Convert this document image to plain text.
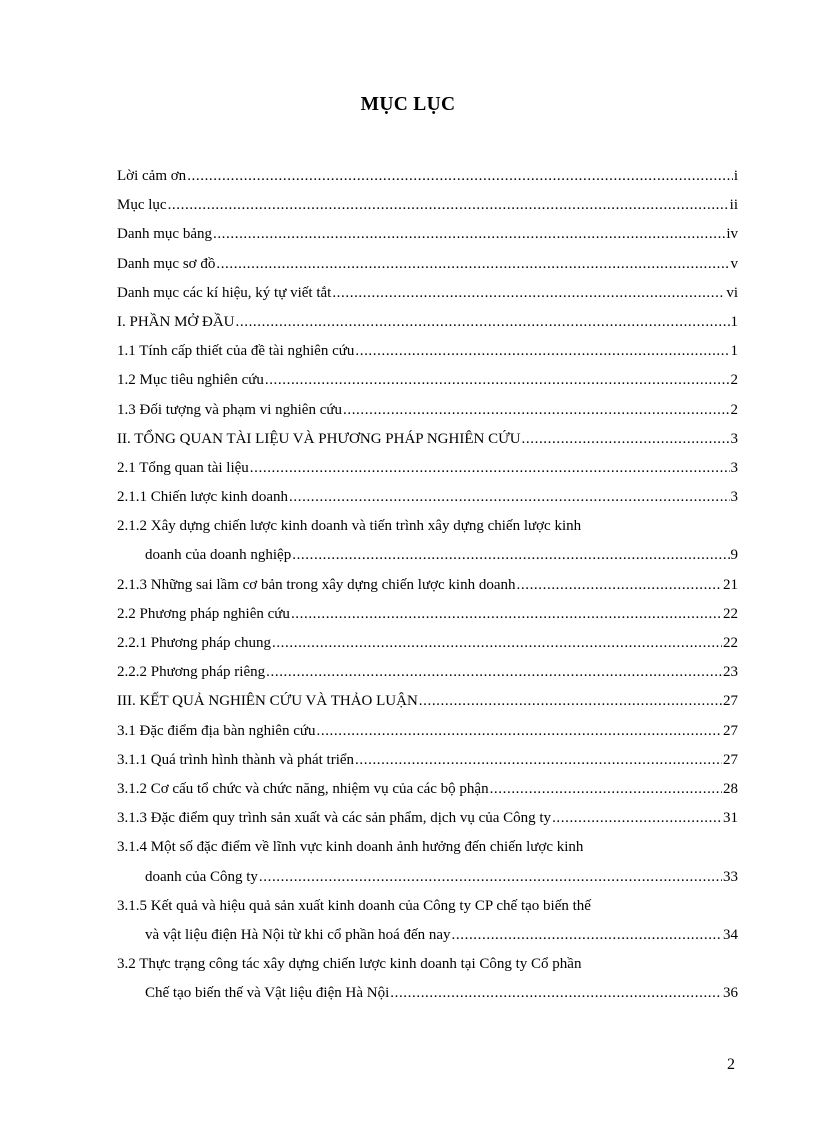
MỤC LỤC
Lời cảm ơn .....	i
Mục lục .....	ii
Danh mục bảng .....	iv
Danh mục sơ đồ .....	v
Danh mục các kí hiệu, ký tự viết tắt .....	vi
I. PHẦN MỞ ĐẦU .....	1
1.1 Tính cấp thiết của đề tài nghiên cứu .....	1
1.2 Mục tiêu nghiên cứu .....	2
1.3 Đối tượng và phạm vi nghiên cứu .....	2
II. TỔNG QUAN TÀI LIỆU VÀ PHƯƠNG PHÁP NGHIÊN CỨU .....	3
2.1 Tổng quan tài liệu .....	3
2.1.1 Chiến lược kinh doanh .....	3
2.1.2 Xây dựng chiến lược kinh doanh và tiến trình xây dựng chiến lược kinh
doanh của doanh nghiệp .....	9
2.1.3 Những sai lầm cơ bản trong xây dựng chiến lược kinh doanh .....	21
2.2 Phương pháp nghiên cứu .....	22
2.2.1 Phương pháp chung .....	22
2.2.2 Phương pháp riêng .....	23
III. KẾT QUẢ NGHIÊN CỨU VÀ THẢO LUẬN .....	27
3.1 Đặc điểm địa bàn nghiên cứu .....	27
3.1.1 Quá trình hình thành và phát triển .....	27
3.1.2 Cơ cấu tổ chức và chức năng, nhiệm vụ của các bộ phận .....	28
3.1.3 Đặc điểm quy trình sản xuất và các sản phẩm, dịch vụ của Công ty .....	31
3.1.4 Một số đặc điểm về lĩnh vực kinh doanh ảnh hưởng đến chiến lược kinh
doanh của Công ty .....	33
3.1.5 Kết quả và hiệu quả sản xuất kinh doanh của Công ty CP chế tạo biến thế
và vật liệu điện Hà Nội từ khi cổ phần hoá đến nay .....	34
3.2 Thực trạng công tác xây dựng chiến lược kinh doanh tại Công ty Cổ phần
Chế tạo biến thế và Vật liệu điện Hà Nội .....	36
2
